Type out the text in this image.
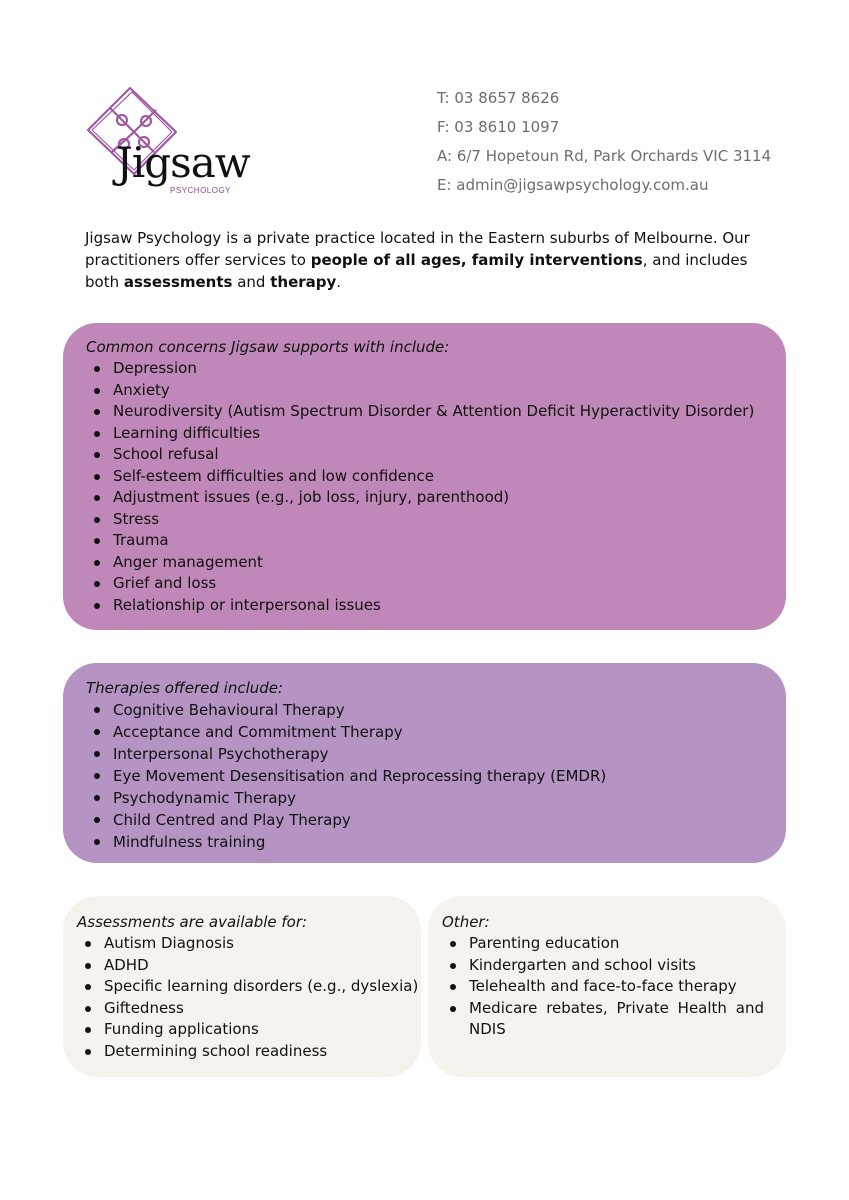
Jigsaw
PSYCHOLOGY
T: 03 8657 8626
F: 03 8610 1097
A: 6/7 Hopetoun Rd, Park Orchards VIC 3114
E: admin@jigsawpsychology.com.au
Jigsaw Psychology is a private practice located in the Eastern suburbs of Melbourne. Our practitioners offer services to people of all ages, family interventions, and includes both assessments and therapy.
Common concerns Jigsaw supports with include:
Depression
Anxiety
Neurodiversity (Autism Spectrum Disorder & Attention Deficit Hyperactivity Disorder)
Learning difficulties
School refusal
Self-esteem difficulties and low confidence
Adjustment issues (e.g., job loss, injury, parenthood)
Stress
Trauma
Anger management
Grief and loss
Relationship or interpersonal issues
Therapies offered include:
Cognitive Behavioural Therapy
Acceptance and Commitment Therapy
Interpersonal Psychotherapy
Eye Movement Desensitisation and Reprocessing therapy (EMDR)
Psychodynamic Therapy
Child Centred and Play Therapy
Mindfulness training
Assessments are available for:
Autism Diagnosis
ADHD
Specific learning disorders (e.g., dyslexia)
Giftedness
Funding applications
Determining school readiness
Other:
Parenting education
Kindergarten and school visits
Telehealth and face-to-face therapy
Medicare rebates, Private Health and NDIS
